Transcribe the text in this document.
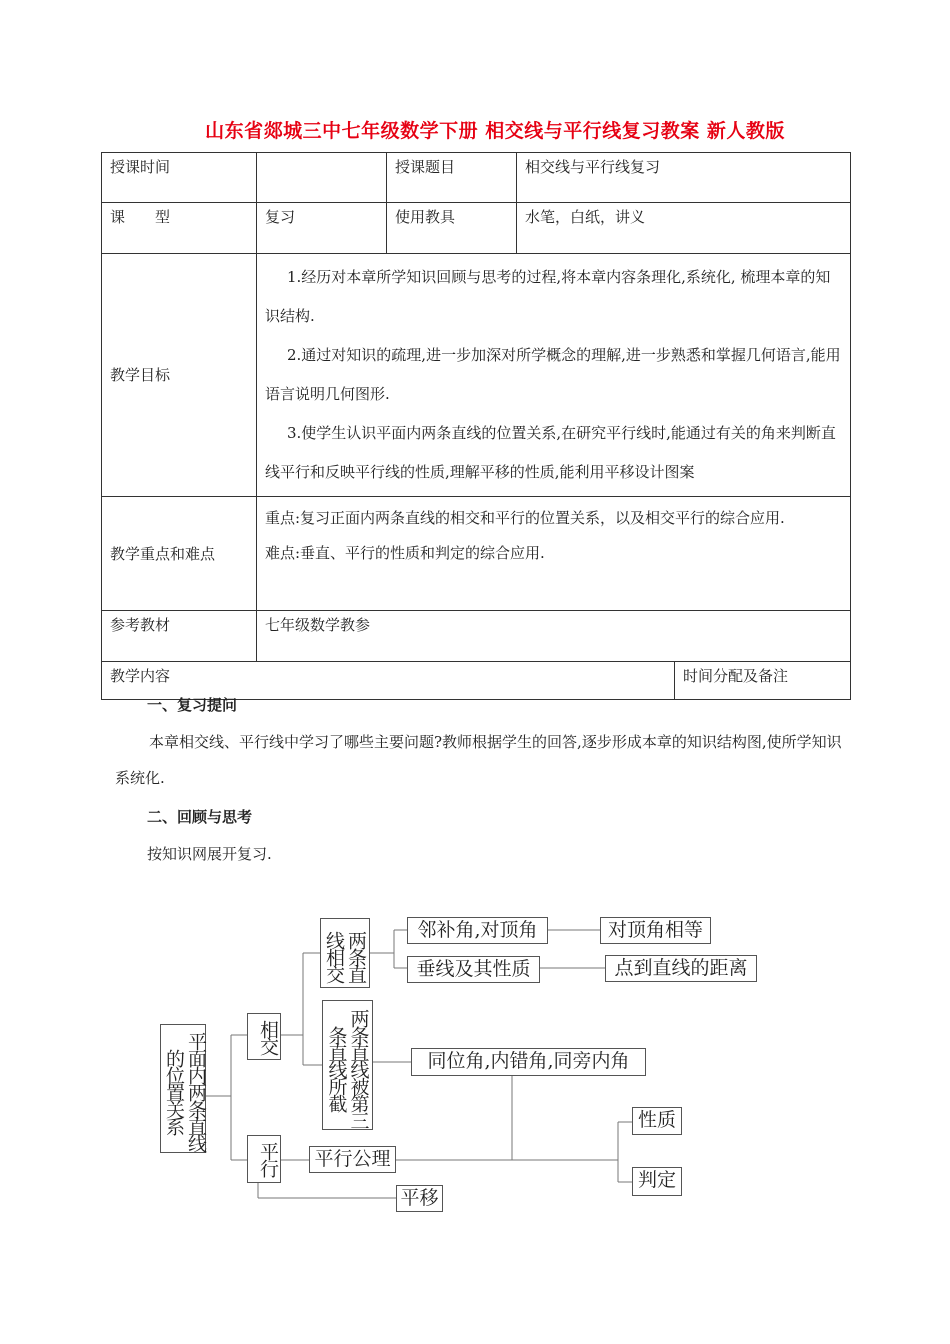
山东省郯城三中七年级数学下册 相交线与平行线复习教案 新人教版
授课时间		授课题目	相交线与平行线复习	
课　　型	复习	使用教具	水笔，白纸，讲义	
教学目标	1.经历对本章所学知识回顾与思考的过程,将本章内容条理化,系统化, 梳理本章的知识结构.

2.通过对知识的疏理,进一步加深对所学概念的理解,进一步熟悉和掌握几何语言,能用语言说明几何图形.

3.使学生认识平面内两条直线的位置关系,在研究平行线时,能通过有关的角来判断直线平行和反映平行线的性质,理解平移的性质,能利用平移设计图案			

教学重点和难点	重点:复习正面内两条直线的相交和平行的位置关系，以及相交平行的综合应用.

难点:垂直、平行的性质和判定的综合应用.			

参考教材	七年级数学教参			
教学内容				时间分配及备注
一、复习提问
本章相交线、平行线中学习了哪些主要问题?教师根据学生的回答,逐步形成本章的知识结构图,使所学知识系统化.
二、回顾与思考
按知识网展开复习.
平面内两条直线的位置关系
相交
平行
两条直线相交
两条直线被第三条直线所截
邻补角,对顶角	对顶角相等
垂线及其性质	点到直线的距离
同位角,内错角,同旁内角
平行公理
平移
性质
判定
